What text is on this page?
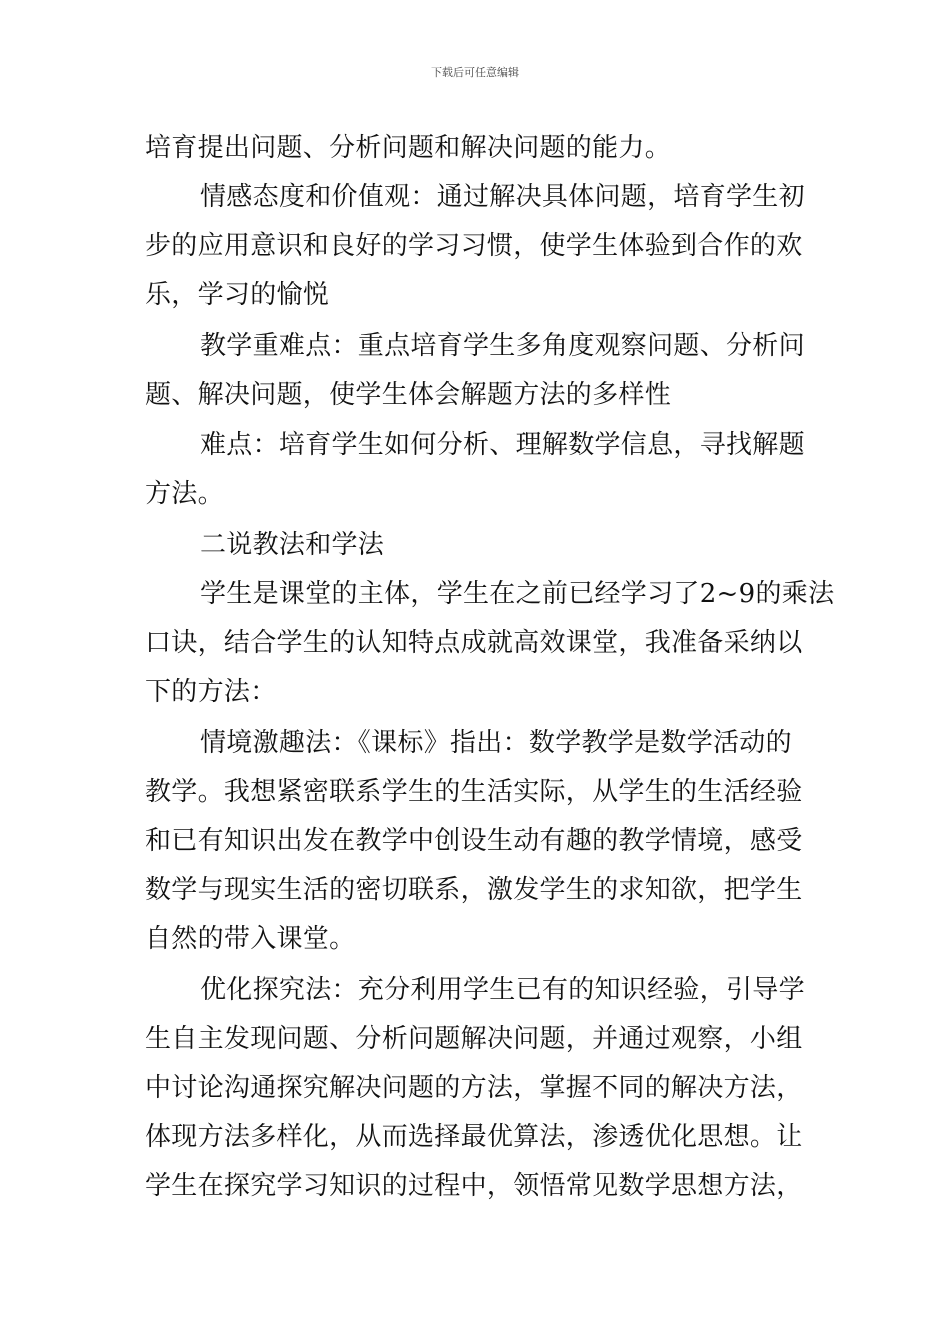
下载后可任意编辑
培育提出问题、分析问题和解决问题的能力。
情感态度和价值观：通过解决具体问题，培育学生初
步的应用意识和良好的学习习惯，使学生体验到合作的欢
乐，学习的愉悦
教学重难点：重点培育学生多角度观察问题、分析问
题、解决问题，使学生体会解题方法的多样性
难点：培育学生如何分析、理解数学信息，寻找解题
方法。
二说教法和学法
学生是课堂的主体，学生在之前已经学习了2~9的乘法
口诀，结合学生的认知特点成就高效课堂，我准备采纳以
下的方法：
情境激趣法：《课标》指出：数学教学是数学活动的
教学。我想紧密联系学生的生活实际，从学生的生活经验
和已有知识出发在教学中创设生动有趣的教学情境，感受
数学与现实生活的密切联系，激发学生的求知欲，把学生
自然的带入课堂。
优化探究法：充分利用学生已有的知识经验，引导学
生自主发现问题、分析问题解决问题，并通过观察，小组
中讨论沟通探究解决问题的方法，掌握不同的解决方法，
体现方法多样化，从而选择最优算法，渗透优化思想。让
学生在探究学习知识的过程中，领悟常见数学思想方法，
